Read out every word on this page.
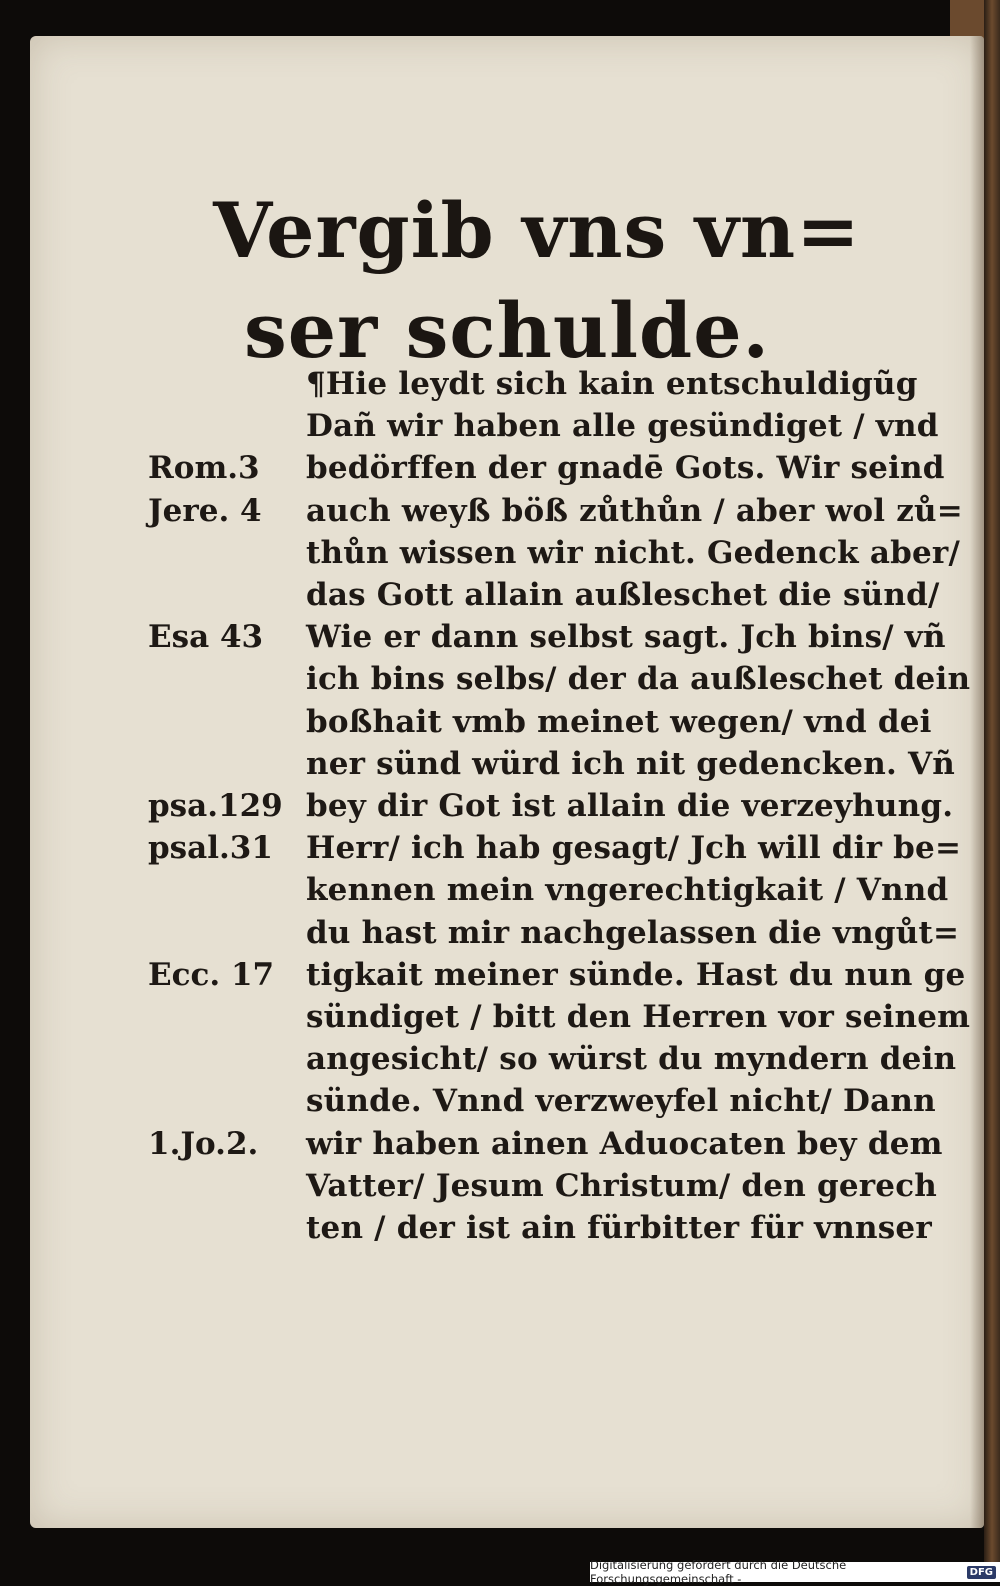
Vergib vns vn=
ser schulde.
¶Hie leydt sich kain entschuldigũg
Dañ wir haben alle gesündiget / vnd
bedörffen der gnadē Gots. Wir seind
auch weyß böß zůthůn / aber wol zů=
thůn wissen wir nicht. Gedenck aber/
das Gott allain außleschet die sünd/
Wie er dann selbst sagt. Jch bins/ vñ
ich bins selbs/ der da außleschet dein
boßhait vmb meinet wegen/ vnd dei
ner sünd würd ich nit gedencken. Vñ
bey dir Got ist allain die verzeyhung.
Herr/ ich hab gesagt/ Jch will dir be=
kennen mein vngerechtigkait / Vnnd
du hast mir nachgelassen die vngůt=
tigkait meiner sünde. Hast du nun ge
sündiget / bitt den Herren vor seinem
angesicht/ so würst du myndern dein
sünde. Vnnd verzweyfel nicht/ Dann
wir haben ainen Aduocaten bey dem
Vatter/ Jesum Christum/ den gerech
ten / der ist ain fürbitter für vnnser
Rom.3
Jere. 4
Esa 43
psa.129
psal.31
Ecc. 17
1.Jo.2.
Digitalisierung gefördert durch die Deutsche Forschungsgemeinschaft -	DFG
